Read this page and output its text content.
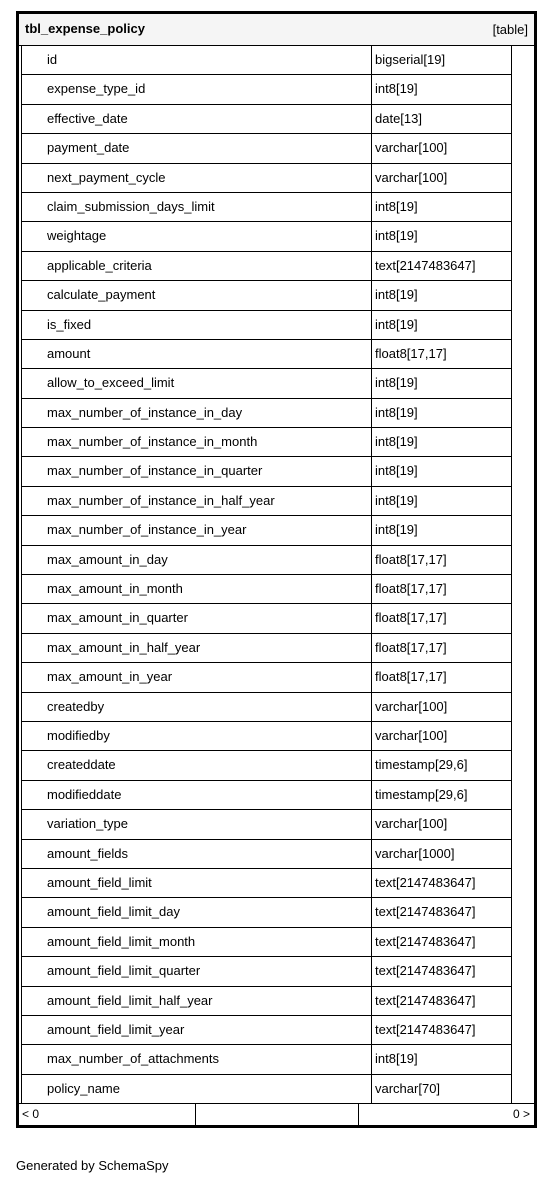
tbl_expense_policy	[table]
id	bigserial[19]
expense_type_id	int8[19]
effective_date	date[13]
payment_date	varchar[100]
next_payment_cycle	varchar[100]
claim_submission_days_limit	int8[19]
weightage	int8[19]
applicable_criteria	text[2147483647]
calculate_payment	int8[19]
is_fixed	int8[19]
amount	float8[17,17]
allow_to_exceed_limit	int8[19]
max_number_of_instance_in_day	int8[19]
max_number_of_instance_in_month	int8[19]
max_number_of_instance_in_quarter	int8[19]
max_number_of_instance_in_half_year	int8[19]
max_number_of_instance_in_year	int8[19]
max_amount_in_day	float8[17,17]
max_amount_in_month	float8[17,17]
max_amount_in_quarter	float8[17,17]
max_amount_in_half_year	float8[17,17]
max_amount_in_year	float8[17,17]
createdby	varchar[100]
modifiedby	varchar[100]
createddate	timestamp[29,6]
modifieddate	timestamp[29,6]
variation_type	varchar[100]
amount_fields	varchar[1000]
amount_field_limit	text[2147483647]
amount_field_limit_day	text[2147483647]
amount_field_limit_month	text[2147483647]
amount_field_limit_quarter	text[2147483647]
amount_field_limit_half_year	text[2147483647]
amount_field_limit_year	text[2147483647]
max_number_of_attachments	int8[19]
policy_name	varchar[70]
< 0	0 >
Generated by SchemaSpy
